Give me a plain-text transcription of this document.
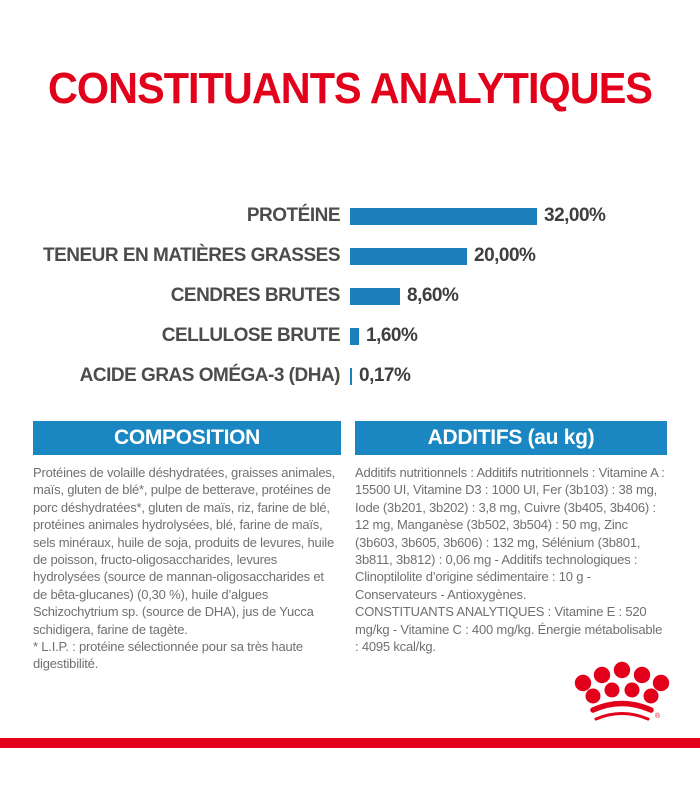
CONSTITUANTS ANALYTIQUES
PROTÉINE	32,00%
TENEUR EN MATIÈRES GRASSES	20,00%
CENDRES BRUTES	8,60%
CELLULOSE BRUTE	1,60%
ACIDE GRAS OMÉGA-3 (DHA)	0,17%
COMPOSITION

Protéines de volaille déshydratées, graisses animales, maïs, gluten de blé*, pulpe de betterave, protéines de porc déshydratées*, gluten de maïs, riz, farine de blé, protéines animales hydrolysées, blé, farine de maïs, sels minéraux, huile de soja, produits de levures, huile de poisson, fructo-oligosaccharides, levures hydrolysées (source de mannan-oligosaccharides et de bêta-glucanes) (0,30 %), huile d’algues Schizochytrium sp. (source de DHA), jus de Yucca schidigera, farine de tagète.

* L.I.P. : protéine sélectionnée pour sa très haute digestibilité.

ADDITIFS (au kg)

Additifs nutritionnels : Additifs nutritionnels : Vitamine A : 15500 UI, Vitamine D3 : 1000 UI, Fer (3b103) : 38 mg, Iode (3b201, 3b202) : 3,8 mg, Cuivre (3b405, 3b406) : 12 mg, Manganèse (3b502, 3b504) : 50 mg, Zinc (3b603, 3b605, 3b606) : 132 mg, Sélénium (3b801, 3b811, 3b812) : 0,06 mg - Additifs technologiques : Clinoptilolite d’origine sédimentaire : 10 g - Conservateurs - Antioxygènes.

CONSTITUANTS ANALYTIQUES : Vitamine E : 520 mg/kg - Vitamine C : 400 mg/kg. Énergie métabolisable : 4095 kcal/kg.

®
